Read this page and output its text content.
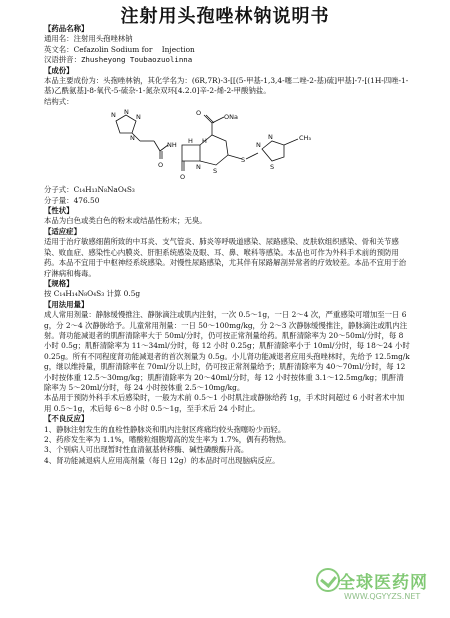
注射用头孢唑林钠说明书
【药品名称】
通用名：注射用头孢唑林钠
英文名：Cefazolin Sodium for    Injection
汉语拼音：Zhusheyong Toubaozuolinna
【成份】
本品主要成份为：头孢唑林钠，其化学名为：(6R,7R)-3-[[(5-甲基-1,3,4-噻二唑-2-基)硫]甲基]-7-[(1H-四唑-1-基)乙酰氨基]-8-氧代-5-硫杂-1-氮杂双环[4.2.0]辛-2-烯-2-甲酸钠盐。
结构式：
N N
N
N
O
NH
O
N
O	ONa
S
S
N
N
S
H H	CH₃
分子式：C₁₄H₁₃N₈NaO₄S₃
分子量：476.50
【性状】
本品为白色或类白色的粉末或结晶性粉末；无臭。
【适应症】
适用于治疗敏感细菌所致的中耳炎、支气管炎、肺炎等呼吸道感染、尿路感染、皮肤软组织感染、骨和关节感染、败血症、感染性心内膜炎、肝胆系统感染及眼、耳、鼻、喉科等感染。本品也可作为外科手术前的预防用药。本品不宜用于中枢神经系统感染。对慢性尿路感染，尤其伴有尿路解剖异常者的疗效较差。本品不宜用于治疗淋病和梅毒。
【规格】
按 C₁₄H₁₄N₈O₄S₃ 计算 0.5g
【用法用量】
成人常用剂量：静脉缓慢推注、静脉滴注或肌内注射，一次 0.5～1g，一日 2～4 次，严重感染可增加至一日 6g，分 2～4 次静脉给予。儿童常用剂量：一日 50～100mg/kg，分 2～3 次静脉缓慢推注，静脉滴注或肌内注射。肾功能减退者的肌酐清除率大于 50ml/分时，仍可按正常剂量给药。肌酐清除率为 20～50ml/分时，每 8 小时 0.5g；肌酐清除率为 11～34ml/分时，每 12 小时 0.25g；肌酐清除率小于 10ml/分时，每 18～24 小时 0.25g。所有不同程度肾功能减退者的首次剂量为 0.5g。小儿肾功能减退者应用头孢唑林时，先给予 12.5mg/kg，继以维持量，肌酐清除率在 70ml/分以上时，仍可按正常剂量给予；肌酐清除率为 40～70ml/分时，每 12 小时按体重 12.5～30mg/kg；肌酐清除率为 20～40ml/分时，每 12 小时按体重 3.1～12.5mg/kg；肌酐清除率为 5～20ml/分时，每 24 小时按体重 2.5～10mg/kg。
本品用于预防外科手术后感染时，一般为术前 0.5～1 小时肌注或静脉给药 1g，手术时间超过 6 小时者术中加用 0.5～1g，术后每 6～8 小时 0.5～1g，至手术后 24 小时止。
【不良反应】
1、静脉注射发生的血栓性静脉炎和肌内注射区疼痛均较头孢噻吩少而轻。
2、药疹发生率为 1.1%，嗜酸粒细胞增高的发生率为 1.7%，偶有药物热。
3、个别病人可出现暂时性血清氨基转移酶、碱性磷酸酶升高。
4、肾功能减退病人应用高剂量（每日 12g）的本品时可出现脑病反应。
全球医药网
WWW.QGYYZS.NET
